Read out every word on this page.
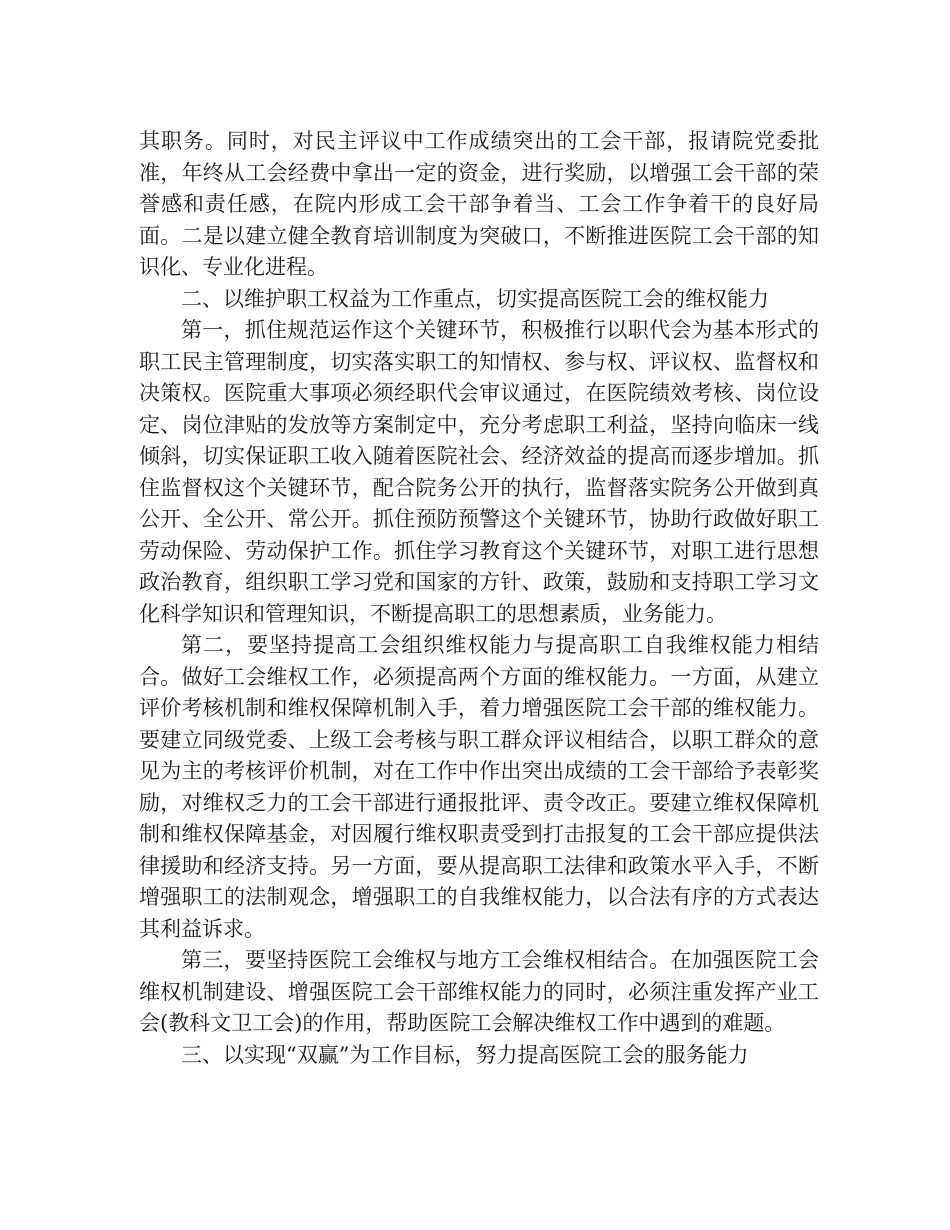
其职务。同时，对民主评议中工作成绩突出的工会干部，报请院党委批准，年终从工会经费中拿出一定的资金，进行奖励，以增强工会干部的荣誉感和责任感，在院内形成工会干部争着当、工会工作争着干的良好局面。二是以建立健全教育培训制度为突破口，不断推进医院工会干部的知识化、专业化进程。

二、以维护职工权益为工作重点，切实提高医院工会的维权能力

第一，抓住规范运作这个关键环节，积极推行以职代会为基本形式的职工民主管理制度，切实落实职工的知情权、参与权、评议权、监督权和决策权。医院重大事项必须经职代会审议通过，在医院绩效考核、岗位设定、岗位津贴的发放等方案制定中，充分考虑职工利益，坚持向临床一线倾斜，切实保证职工收入随着医院社会、经济效益的提高而逐步增加。抓住监督权这个关键环节，配合院务公开的执行，监督落实院务公开做到真公开、全公开、常公开。抓住预防预警这个关键环节，协助行政做好职工劳动保险、劳动保护工作。抓住学习教育这个关键环节，对职工进行思想政治教育，组织职工学习党和国家的方针、政策，鼓励和支持职工学习文化科学知识和管理知识，不断提高职工的思想素质，业务能力。

第二，要坚持提高工会组织维权能力与提高职工自我维权能力相结合。做好工会维权工作，必须提高两个方面的维权能力。一方面，从建立评价考核机制和维权保障机制入手，着力增强医院工会干部的维权能力。要建立同级党委、上级工会考核与职工群众评议相结合，以职工群众的意见为主的考核评价机制，对在工作中作出突出成绩的工会干部给予表彰奖励，对维权乏力的工会干部进行通报批评、责令改正。要建立维权保障机制和维权保障基金，对因履行维权职责受到打击报复的工会干部应提供法律援助和经济支持。另一方面，要从提高职工法律和政策水平入手，不断增强职工的法制观念，增强职工的自我维权能力，以合法有序的方式表达其利益诉求。

第三，要坚持医院工会维权与地方工会维权相结合。在加强医院工会维权机制建设、增强医院工会干部维权能力的同时，必须注重发挥产业工会(教科文卫工会)的作用，帮助医院工会解决维权工作中遇到的难题。

三、以实现“双赢”为工作目标，努力提高医院工会的服务能力
